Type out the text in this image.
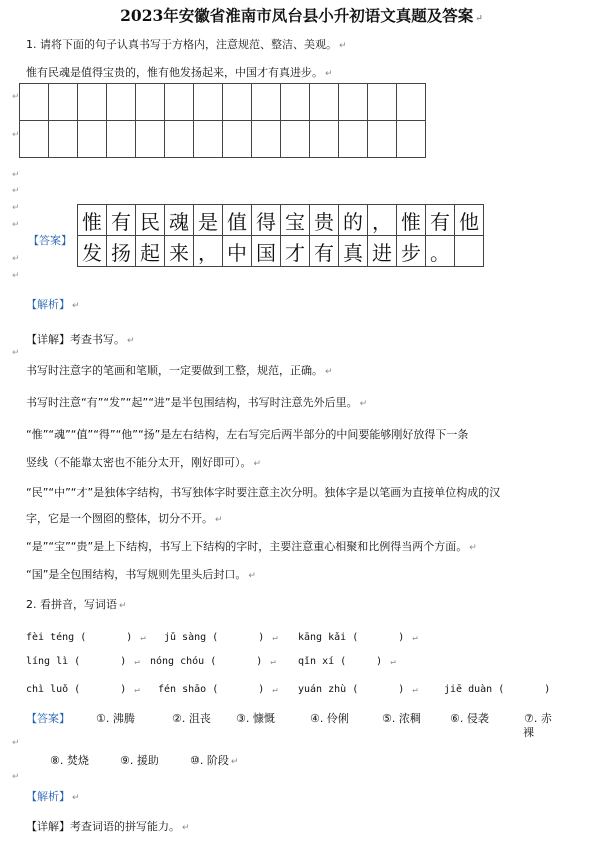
2023年安徽省淮南市凤台县小升初语文真题及答案 ↵
1. 请将下面的句子认真书写于方格内，注意规范、整洁、美观。 ↵
惟有民魂是值得宝贵的，惟有他发扬起来，中国才有真进步。 ↵

↵
↵
↵
↵
↵
↵
↵
↵
↵
↵
↵
【答案】
惟	有	民	魂	是	值	得	宝	贵	的	，	惟	有	他
发	扬	起	来	，	中	国	才	有	真	进	步	。	
【解析】 ↵
【详解】考查书写。 ↵
书写时注意字的笔画和笔顺，一定要做到工整，规范，正确。 ↵
书写时注意“有”“发”“起”“进”是半包围结构，书写时注意先外后里。 ↵
“惟”“魂”“值”“得”“他”“扬”是左右结构，左右写完后两半部分的中间要能够刚好放得下一条
竖线（不能靠太密也不能分太开，刚好即可）。 ↵
“民”“中”“才”是独体字结构，书写独体字时要注意主次分明。独体字是以笔画为直接单位构成的汉
字，它是一个囫囵的整体，切分不开。 ↵
“是”“宝”“贵”是上下结构，书写上下结构的字时，主要注意重心相聚和比例得当两个方面。 ↵
“国”是全包围结构，书写规则先里头后封口。 ↵
2. 看拼音，写词语 ↵
fèi téng (　　　　) ↵ jǔ sàng (　　　　) ↵ kāng kǎi (　　　　) ↵
líng lì (　　　　) ↵ nóng chóu (　　　　) ↵ qǐn xí (　　　) ↵
chì luǒ (　　　　) ↵ fén shāo (　　　　) ↵ yuán zhù (　　　　) ↵	jiē duàn (　　　　)
【答案】 ①. 沸腾	②. 沮丧 ③. 慷慨	④. 伶俐	⑤. 浓稠	⑥. 侵袭	⑦. 赤
裸
⑧. 焚烧	⑨. 援助	⑩. 阶段 ↵
【解析】 ↵
【详解】考查词语的拼写能力。 ↵
